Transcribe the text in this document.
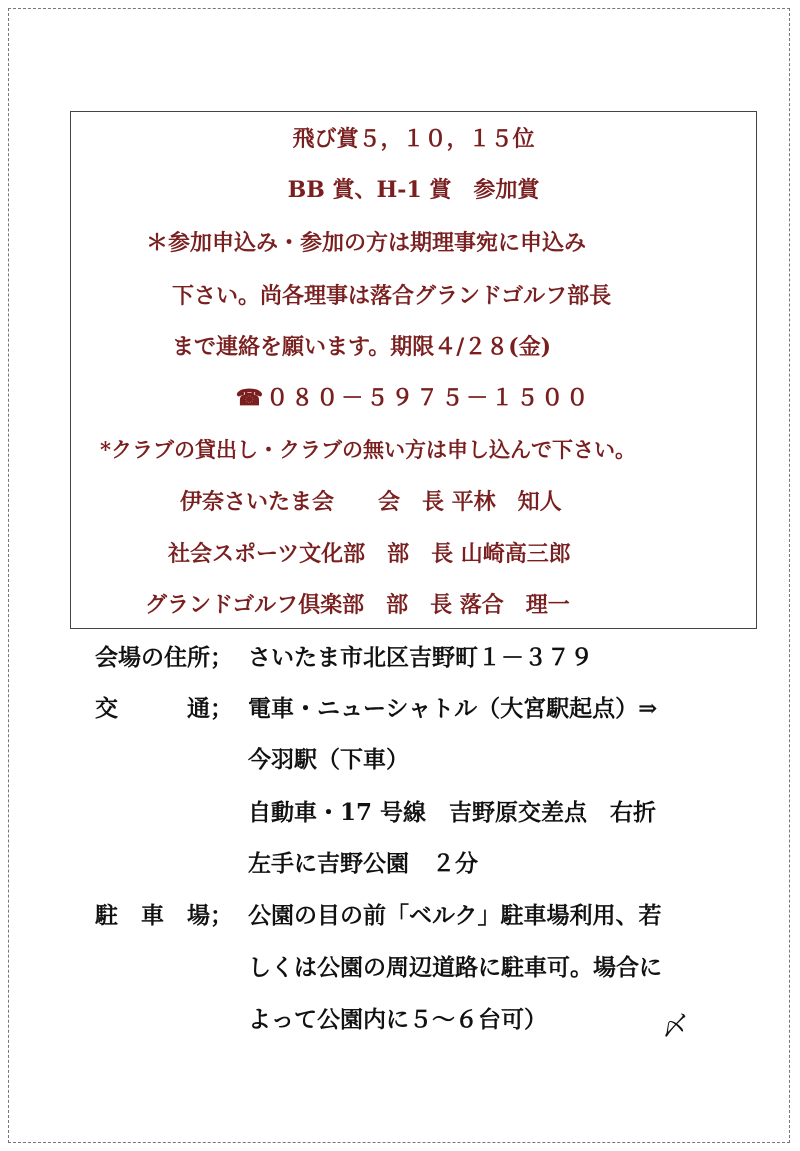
飛び賞５，１０，１５位
BB 賞、H-1 賞　参加賞
＊参加申込み・参加の方は期理事宛に申込み
下さい。尚各理事は落合グランドゴルフ部長
まで連絡を願います。期限４/２８(金)
☎０８０－５９７５－１５００
*クラブの貸出し・クラブの無い方は申し込んで下さい。
伊奈さいたま会　　会　長 平林　知人
社会スポーツ文化部　部　長 山崎高三郎
グランドゴルフ倶楽部　部　長 落合　理一
会場の住所； さいたま市北区吉野町１－３７９
交　　　通； 電車・ニューシャトル（大宮駅起点）⇒
今羽駅（下車）
自動車・17 号線　吉野原交差点　右折
左手に吉野公園　２分
駐　車　場； 公園の目の前「ベルク」駐車場利用、若
しくは公園の周辺道路に駐車可。場合に
よって公園内に５～６台可）	〆
